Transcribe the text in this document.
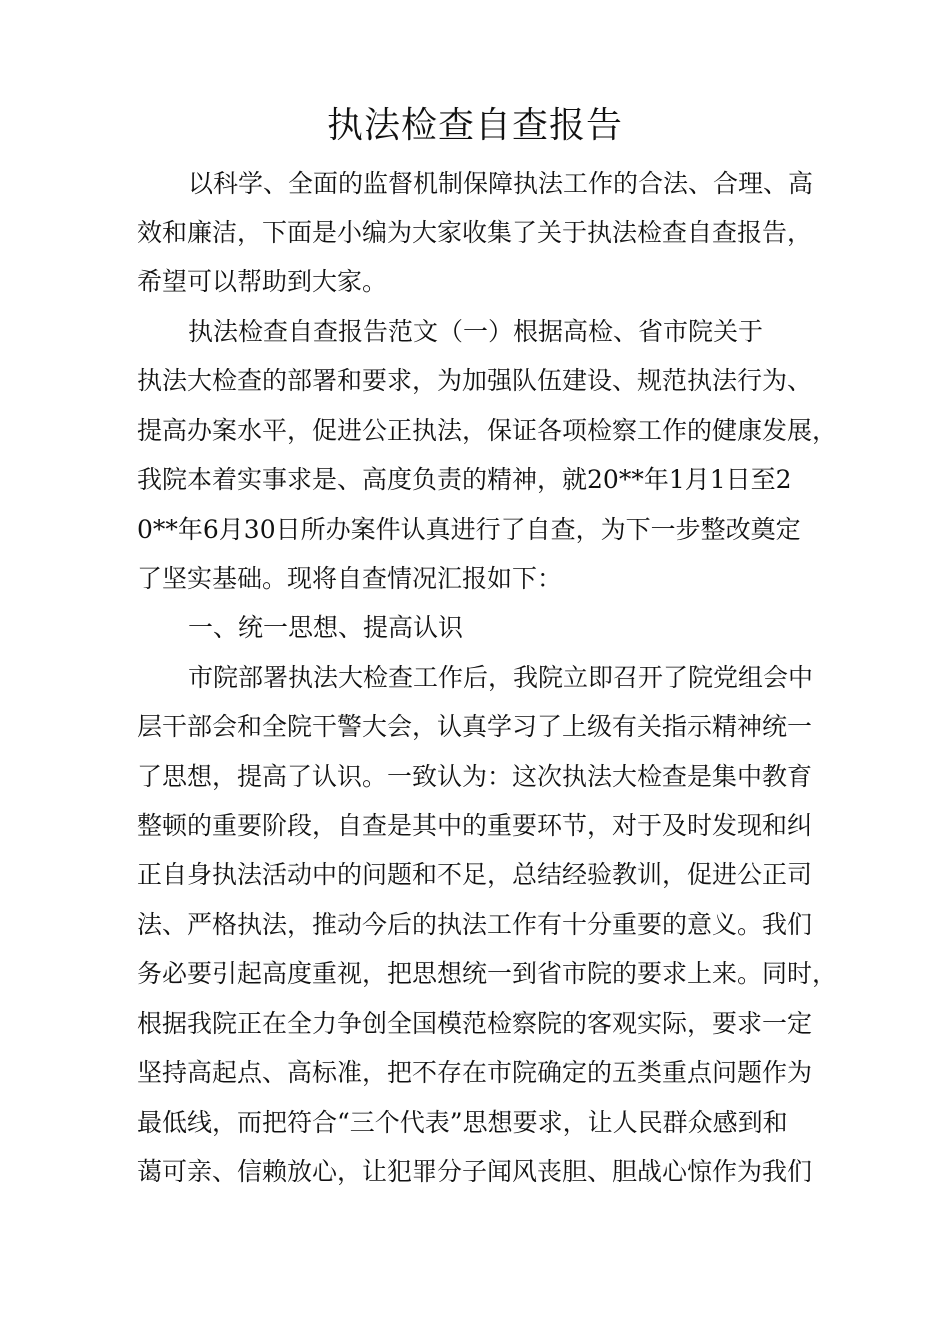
执法检查自查报告

以科学、全面的监督机制保障执法工作的合法、合理、高

效和廉洁，下面是小编为大家收集了关于执法检查自查报告，

希望可以帮助到大家。

执法检查自查报告范文（一）根据高检、省市院关于

执法大检查的部署和要求，为加强队伍建设、规范执法行为、

提高办案水平，促进公正执法，保证各项检察工作的健康发展，

我院本着实事求是、高度负责的精神，就20**年1月1日至2

0**年6月30日所办案件认真进行了自查，为下一步整改奠定

了坚实基础。现将自查情况汇报如下：

一、统一思想、提高认识

市院部署执法大检查工作后，我院立即召开了院党组会中

层干部会和全院干警大会，认真学习了上级有关指示精神统一

了思想，提高了认识。一致认为：这次执法大检查是集中教育

整顿的重要阶段，自查是其中的重要环节，对于及时发现和纠

正自身执法活动中的问题和不足，总结经验教训，促进公正司

法、严格执法，推动今后的执法工作有十分重要的意义。我们

务必要引起高度重视，把思想统一到省市院的要求上来。同时，

根据我院正在全力争创全国模范检察院的客观实际，要求一定

坚持高起点、高标准，把不存在市院确定的五类重点问题作为

最低线，而把符合“三个代表”思想要求，让人民群众感到和

蔼可亲、信赖放心，让犯罪分子闻风丧胆、胆战心惊作为我们
